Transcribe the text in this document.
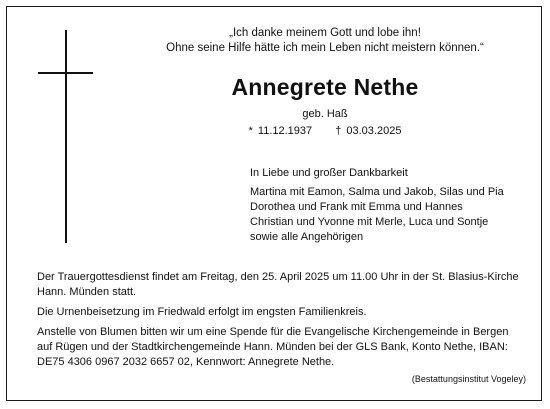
„Ich danke meinem Gott und lobe ihn!
Ohne seine Hilfe hätte ich mein Leben nicht meistern können.“
Annegrete Nethe
geb. Haß
* 11.12.1937 † 03.03.2025
In Liebe und großer Dankbarkeit
Martina mit Eamon, Salma und Jakob, Silas und Pia
Dorothea und Frank mit Emma und Hannes
Christian und Yvonne mit Merle, Luca und Sontje
sowie alle Angehörigen
Der Trauergottesdienst findet am Freitag, den 25. April 2025 um 11.00 Uhr in der St. Blasius-Kirche Hann. Münden statt.
Die Urnenbeisetzung im Friedwald erfolgt im engsten Familienkreis.
Anstelle von Blumen bitten wir um eine Spende für die Evangelische Kirchengemeinde in Bergen auf Rügen und der Stadtkirchengemeinde Hann. Münden bei der GLS Bank, Konto Nethe, IBAN: DE75 4306 0967 2032 6657 02, Kennwort: Annegrete Nethe.
(Bestattungsinstitut Vogeley)
